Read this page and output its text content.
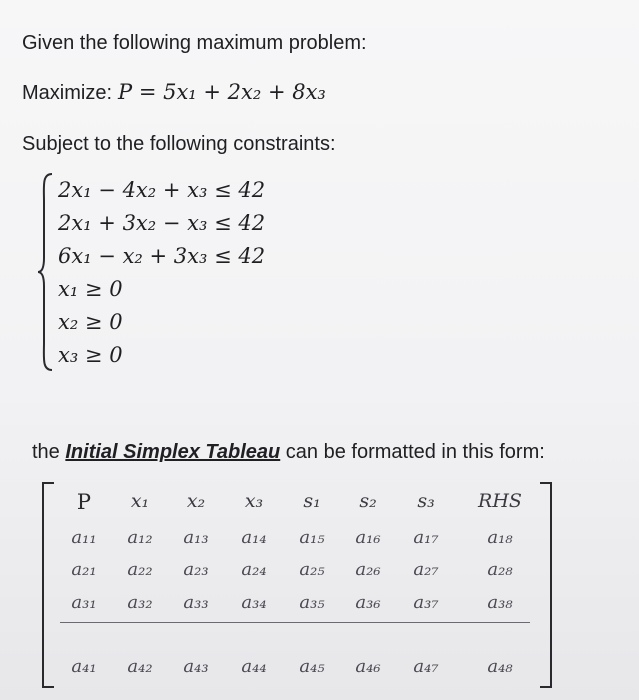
Given the following maximum problem:
Maximize: P = 5x₁ + 2x₂ + 8x₃
Subject to the following constraints:
2x₁ − 4x₂ + x₃ ≤ 42
2x₁ + 3x₂ − x₃ ≤ 42
6x₁ − x₂ + 3x₃ ≤ 42
x₁ ≥ 0
x₂ ≥ 0
x₃ ≥ 0
the Initial Simplex Tableau can be formatted in this form:
P x₁ x₂ x₃ s₁ s₂ s₃ RHS
a₁₁ a₁₂ a₁₃ a₁₄ a₁₅ a₁₆ a₁₇	a₁₈
a₂₁ a₂₂ a₂₃ a₂₄ a₂₅ a₂₆ a₂₇	a₂₈
a₃₁ a₃₂ a₃₃ a₃₄ a₃₅ a₃₆ a₃₇	a₃₈
a₄₁ a₄₂ a₄₃ a₄₄ a₄₅ a₄₆ a₄₇	a₄₈
